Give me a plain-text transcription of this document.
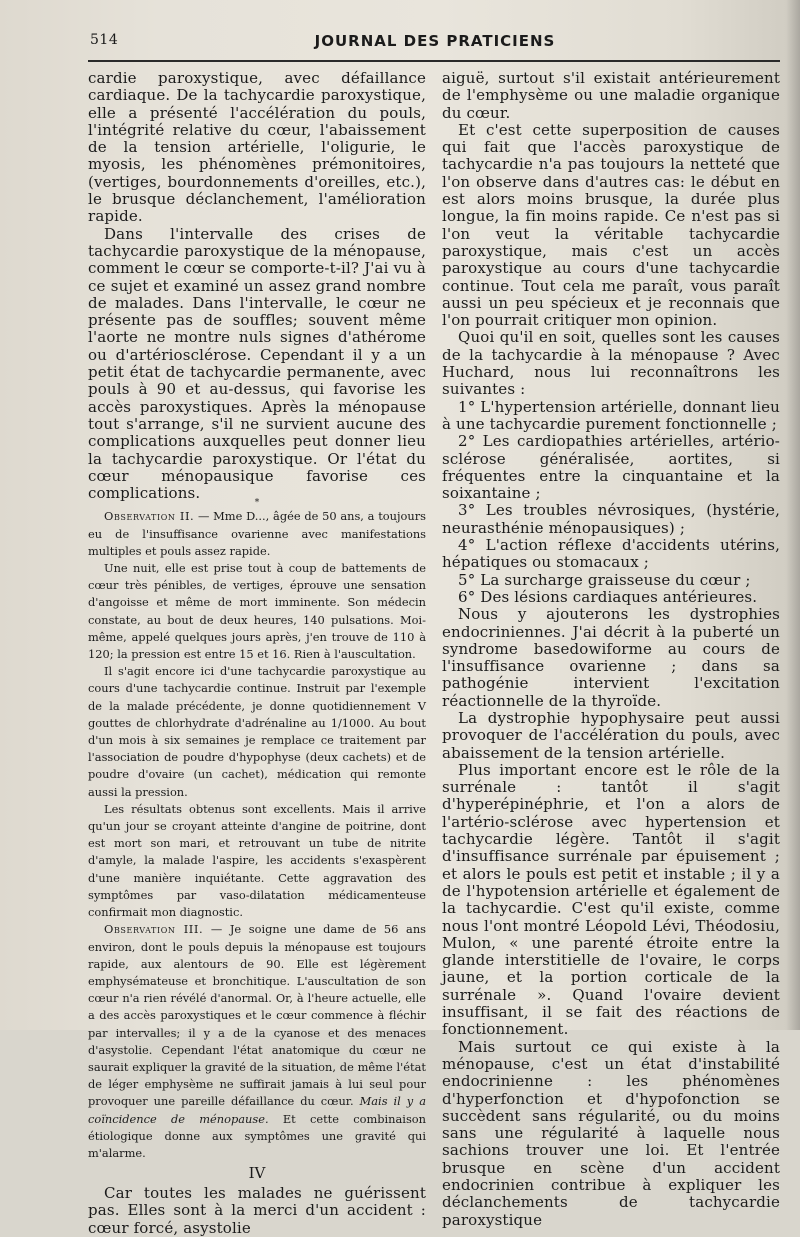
514	JOURNAL DES PRATICIENS

cardie paroxystique, avec défaillance cardiaque. De la tachycardie paroxystique, elle a présenté l'accélération du pouls, l'intégrité relative du cœur, l'abaissement de la tension artérielle, l'oligurie, le myosis, les phénomènes prémonitoires, (vertiges, bourdonnements d'oreilles, etc.), le brusque déclanchement, l'amélioration rapide.

Dans l'intervalle des crises de tachycardie paroxystique de la ménopause, comment le cœur se comporte-t-il? J'ai vu à ce sujet et examiné un assez grand nombre de malades. Dans l'intervalle, le cœur ne présente pas de souffles; souvent même l'aorte ne montre nuls signes d'athérome ou d'artériosclérose. Cependant il y a un petit état de tachycardie permanente, avec pouls à 90 et au-dessus, qui favorise les accès paroxystiques. Après la ménopause tout s'arrange, s'il ne survient aucune des complications auxquelles peut donner lieu la tachycardie paroxystique. Or l'état du cœur ménopausique favorise ces complications.

*

Observation II. — Mme D..., âgée de 50 ans, a toujours eu de l'insuffisance ovarienne avec manifestations multiples et pouls assez rapide.

Une nuit, elle est prise tout à coup de battements de cœur très pénibles, de vertiges, éprouve une sensation d'angoisse et même de mort imminente. Son médecin constate, au bout de deux heures, 140 pulsations. Moi-même, appelé quelques jours après, j'en trouve de 110 à 120; la pression est entre 15 et 16. Rien à l'auscultation.

Il s'agit encore ici d'une tachycardie paroxystique au cours d'une tachycardie continue. Instruit par l'exemple de la malade précédente, je donne quotidiennement V gouttes de chlorhydrate d'adrénaline au 1/1000. Au bout d'un mois à six semaines je remplace ce traitement par l'association de poudre d'hypophyse (deux cachets) et de poudre d'ovaire (un cachet), médication qui remonte aussi la pression.

Les résultats obtenus sont excellents. Mais il arrive qu'un jour se croyant atteinte d'angine de poitrine, dont est mort son mari, et retrouvant un tube de nitrite d'amyle, la malade l'aspire, les accidents s'exaspèrent d'une manière inquiétante. Cette aggravation des symptômes par vaso-dilatation médicamenteuse confirmait mon diagnostic.

Observation III. — Je soigne une dame de 56 ans environ, dont le pouls depuis la ménopause est toujours rapide, aux alentours de 90. Elle est légèrement emphysémateuse et bronchitique. L'auscultation de son cœur n'a rien révélé d'anormal. Or, à l'heure actuelle, elle a des accès paroxystiques et le cœur commence à fléchir par intervalles; il y a de la cyanose et des menaces d'asystolie. Cependant l'état anatomique du cœur ne saurait expliquer la gravité de la situation, de même l'état de léger emphysème ne suffirait jamais à lui seul pour provoquer une pareille défaillance du cœur. Mais il y a coïncidence de ménopause. Et cette combinaison étiologique donne aux symptômes une gravité qui m'alarme.

IV

Car toutes les malades ne guérissent pas. Elles sont à la merci d'un accident : cœur forcé, asystolie

aiguë, surtout s'il existait antérieurement de l'emphysème ou une maladie organique du cœur.

Et c'est cette superposition de causes qui fait que l'accès paroxystique de tachycardie n'a pas toujours la netteté que l'on observe dans d'autres cas: le début en est alors moins brusque, la durée plus longue, la fin moins rapide. Ce n'est pas si l'on veut la véritable tachycardie paroxystique, mais c'est un accès paroxystique au cours d'une tachycardie continue. Tout cela me paraît, vous paraît aussi un peu spécieux et je reconnais que l'on pourrait critiquer mon opinion.

Quoi qu'il en soit, quelles sont les causes de la tachycardie à la ménopause ? Avec Huchard, nous lui reconnaîtrons les suivantes :

1° L'hypertension artérielle, donnant lieu à une tachycardie purement fonctionnelle ;

2° Les cardiopathies artérielles, artério-sclérose généralisée, aortites, si fréquentes entre la cinquantaine et la soixantaine ;

3° Les troubles névrosiques, (hystérie, neurasthénie ménopausiques) ;

4° L'action réflexe d'accidents utérins, hépatiques ou stomacaux ;

5° La surcharge graisseuse du cœur ;

6° Des lésions cardiaques antérieures.

Nous y ajouterons les dystrophies endocriniennes. J'ai décrit à la puberté un syndrome basedowiforme au cours de l'insuffisance ovarienne ; dans sa pathogénie intervient l'excitation réactionnelle de la thyroïde.

La dystrophie hypophysaire peut aussi provoquer de l'accélération du pouls, avec abaissement de la tension artérielle.

Plus important encore est le rôle de la surrénale : tantôt il s'agit d'hyperépinéphrie, et l'on a alors de l'artério-sclérose avec hypertension et tachycardie légère. Tantôt il s'agit d'insuffisance surrénale par épuisement ; et alors le pouls est petit et instable ; il y a de l'hypotension artérielle et également de la tachycardie. C'est qu'il existe, comme nous l'ont montré Léopold Lévi, Théodosiu, Mulon, « une parenté étroite entre la glande interstitielle de l'ovaire, le corps jaune, et la portion corticale de la surrénale ». Quand l'ovaire devient insuffisant, il se fait des réactions de fonctionnement.

Mais surtout ce qui existe à la ménopause, c'est un état d'instabilité endocrinienne : les phénomènes d'hyperfonction et d'hypofonction se succèdent sans régularité, ou du moins sans une régularité à laquelle nous sachions trouver une loi. Et l'entrée brusque en scène d'un accident endocrinien contribue à expliquer les déclanchements de tachycardie paroxystique
